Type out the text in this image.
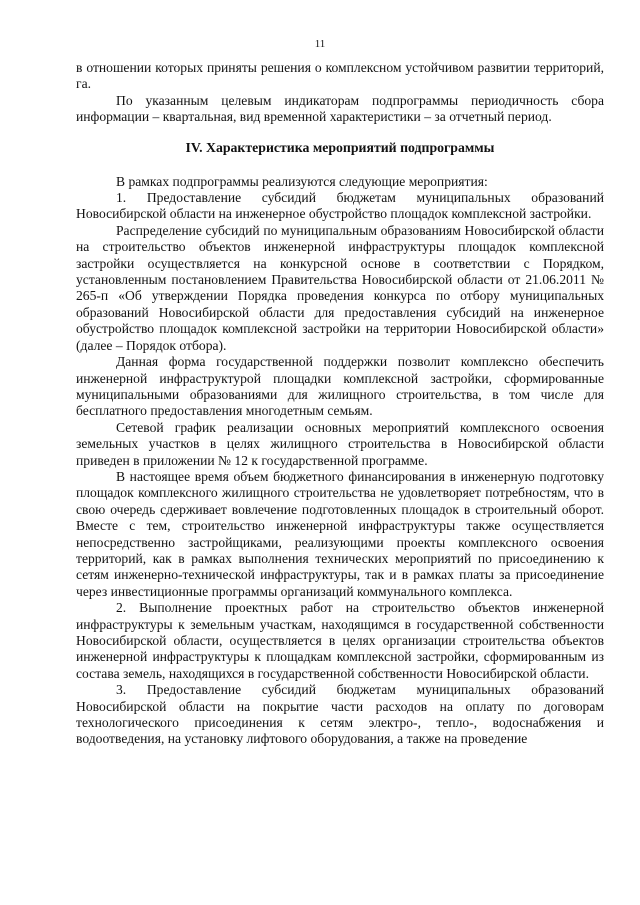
11

в отношении которых приняты решения о комплексном устойчивом развитии территорий, га.

По указанным целевым индикаторам подпрограммы периодичность сбора информации – квартальная, вид временной характеристики – за отчетный период.

IV. Характеристика мероприятий подпрограммы

В рамках подпрограммы реализуются следующие мероприятия:

1. Предоставление субсидий бюджетам муниципальных образований Новосибирской области на инженерное обустройство площадок комплексной застройки.

Распределение субсидий по муниципальным образованиям Новосибирской области на строительство объектов инженерной инфраструктуры площадок комплексной застройки осуществляется на конкурсной основе в соответствии с Порядком, установленным постановлением Правительства Новосибирской области от 21.06.2011 № 265-п «Об утверждении Порядка проведения конкурса по отбору муниципальных образований Новосибирской области для предоставления субсидий на инженерное обустройство площадок комплексной застройки на территории Новосибирской области» (далее – Порядок отбора).

Данная форма государственной поддержки позволит комплексно обеспечить инженерной инфраструктурой площадки комплексной застройки, сформированные муниципальными образованиями для жилищного строительства, в том числе для бесплатного предоставления многодетным семьям.

Сетевой график реализации основных мероприятий комплексного освоения земельных участков в целях жилищного строительства в Новосибирской области приведен в приложении № 12 к государственной программе.

В настоящее время объем бюджетного финансирования в инженерную подготовку площадок комплексного жилищного строительства не удовлетворяет потребностям, что в свою очередь сдерживает вовлечение подготовленных площадок в строительный оборот. Вместе с тем, строительство инженерной инфраструктуры также осуществляется непосредственно застройщиками, реализующими проекты комплексного освоения территорий, как в рамках выполнения технических мероприятий по присоединению к сетям инженерно-технической инфраструктуры, так и в рамках платы за присоединение через инвестиционные программы организаций коммунального комплекса.

2. Выполнение проектных работ на строительство объектов инженерной инфраструктуры к земельным участкам, находящимся в государственной собственности Новосибирской области, осуществляется в целях организации строительства объектов инженерной инфраструктуры к площадкам комплексной застройки, сформированным из состава земель, находящихся в государственной собственности Новосибирской области.

3. Предоставление субсидий бюджетам муниципальных образований Новосибирской области на покрытие части расходов на оплату по договорам технологического присоединения к сетям электро-, тепло-, водоснабжения и водоотведения, на установку лифтового оборудования, а также на проведение
